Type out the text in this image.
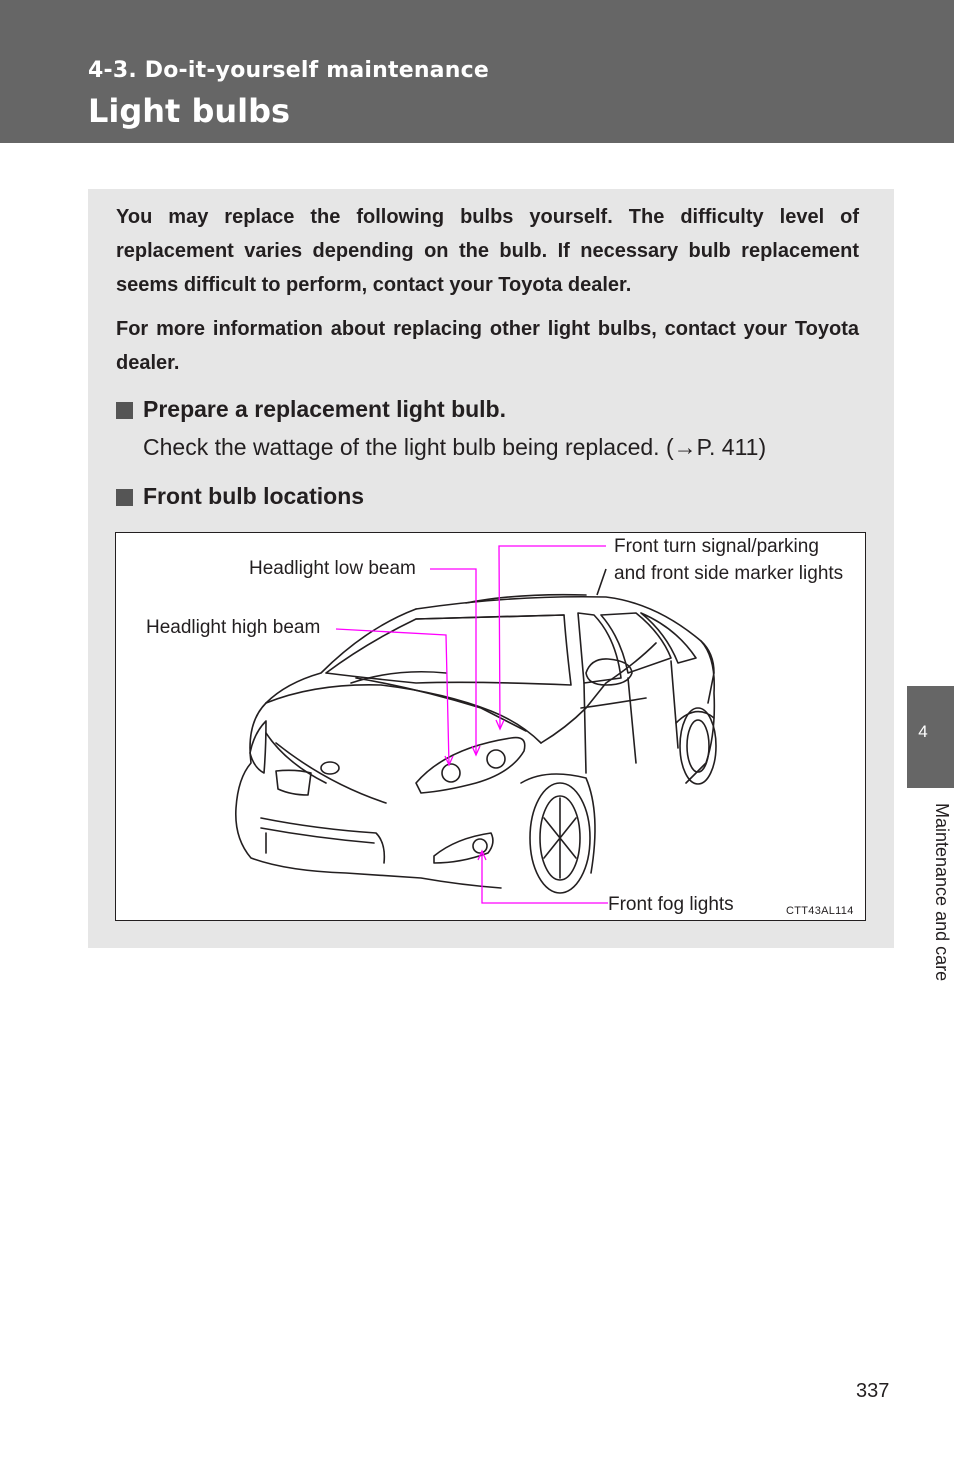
4-3. Do-it-yourself maintenance
Light bulbs

You may replace the following bulbs yourself. The difficulty level of replacement varies depending on the bulb. If necessary bulb replacement seems difficult to perform, contact your Toyota dealer.

For more information about replacing other light bulbs, contact your Toyota dealer.

Prepare a replacement light bulb.
Check the wattage of the light bulb being replaced. (→P. 411)
Front bulb locations
Headlight low beam
Headlight high beam
Front turn signal/parking
and front side marker lights
Front fog lights	CTT43AL114
4
Maintenance and care
337
